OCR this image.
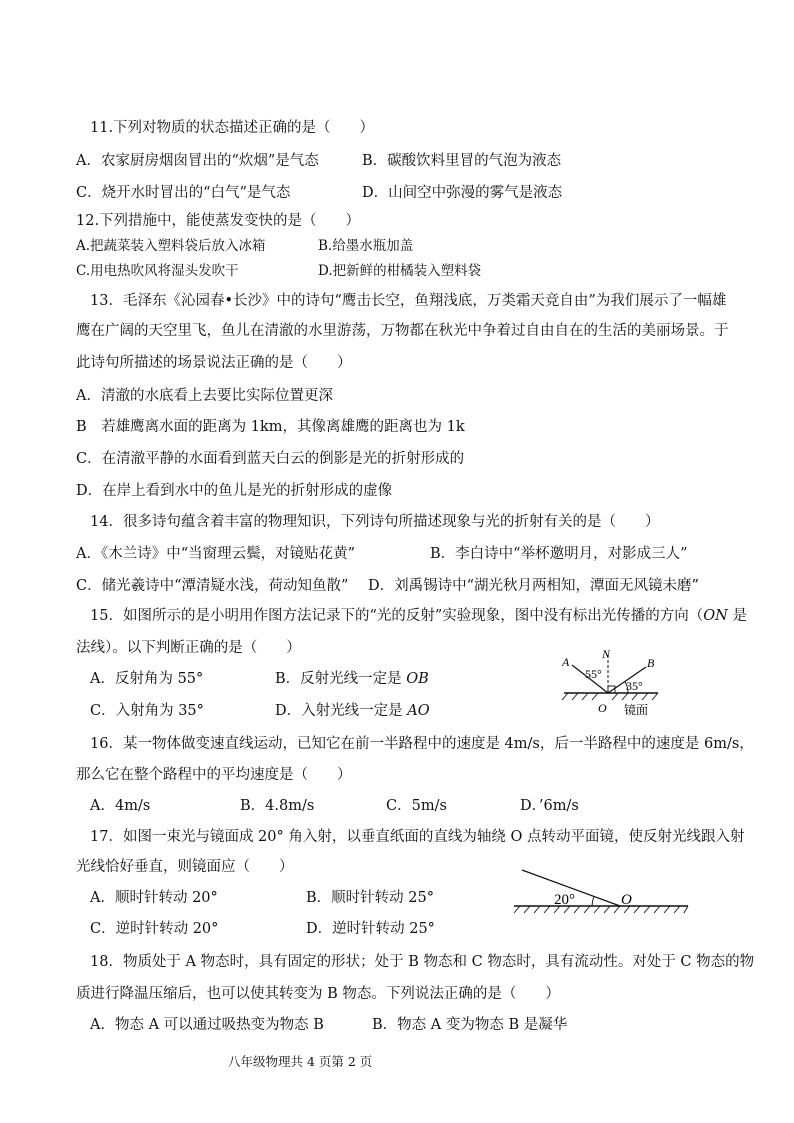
11.下列对物质的状态描述正确的是（　　）
A．农家厨房烟囱冒出的“炊烟”是气态	B．碳酸饮料里冒的气泡为液态
C．烧开水时冒出的“白气”是气态	D．山间空中弥漫的雾气是液态
12.下列措施中，能使蒸发变快的是（　　）
A.把蔬菜装入塑料袋后放入冰箱	B.给墨水瓶加盖
C.用电热吹风将湿头发吹干	D.把新鲜的柑橘装入塑料袋
13．毛泽东《沁园春•长沙》中的诗句“鹰击长空，鱼翔浅底，万类霜天竞自由”为我们展示了一幅雄
鹰在广阔的天空里飞，鱼儿在清澈的水里游荡，万物都在秋光中争着过自由自在的生活的美丽场景。于
此诗句所描述的场景说法正确的是（　　）
A．清澈的水底看上去要比实际位置更深
B　若雄鹰离水面的距离为 1km，其像离雄鹰的距离也为 1k
C．在清澈平静的水面看到蓝天白云的倒影是光的折射形成的
D．在岸上看到水中的鱼儿是光的折射形成的虚像
14．很多诗句蕴含着丰富的物理知识，下列诗句所描述现象与光的折射有关的是（　　）
A．《木兰诗》中“当窗理云鬓，对镜贴花黄”	B．李白诗中“举杯邀明月，对影成三人”
C．储光羲诗中“潭清疑水浅，荷动知鱼散” D．刘禹锡诗中“湖光秋月两相知，潭面无风镜未磨”
15．如图所示的是小明用作图方法记录下的“光的反射”实验现象，图中没有标出光传播的方向（ON 是
法线）。以下判断正确的是（　　）
A．反射角为 55°	B．反射光线一定是 OB
C．入射角为 35°	D．入射光线一定是 AO
A
N
B
55°
35°
O 镜面
16．某一物体做变速直线运动，已知它在前一半路程中的速度是 4m/s，后一半路程中的速度是 6m/s，
那么它在整个路程中的平均速度是（　　）
A．4m/s	B．4.8m/s	C．5m/s	D．’6m/s
17．如图一束光与镜面成 20° 角入射，以垂直纸面的直线为轴绕 O 点转动平面镜，使反射光线跟入射
光线恰好垂直，则镜面应（　　）
A．顺时针转动 20°	B．顺时针转动 25°
C．逆时针转动 20°	D．逆时针转动 25°
20°	O
18．物质处于 A 物态时，具有固定的形状；处于 B 物态和 C 物态时，具有流动性。对处于 C 物态的物
质进行降温压缩后，也可以使其转变为 B 物态。下列说法正确的是（　　）
A．物态 A 可以通过吸热变为物态 B	B．物态 A 变为物态 B 是凝华
八年级物理共 4 页第 2 页
